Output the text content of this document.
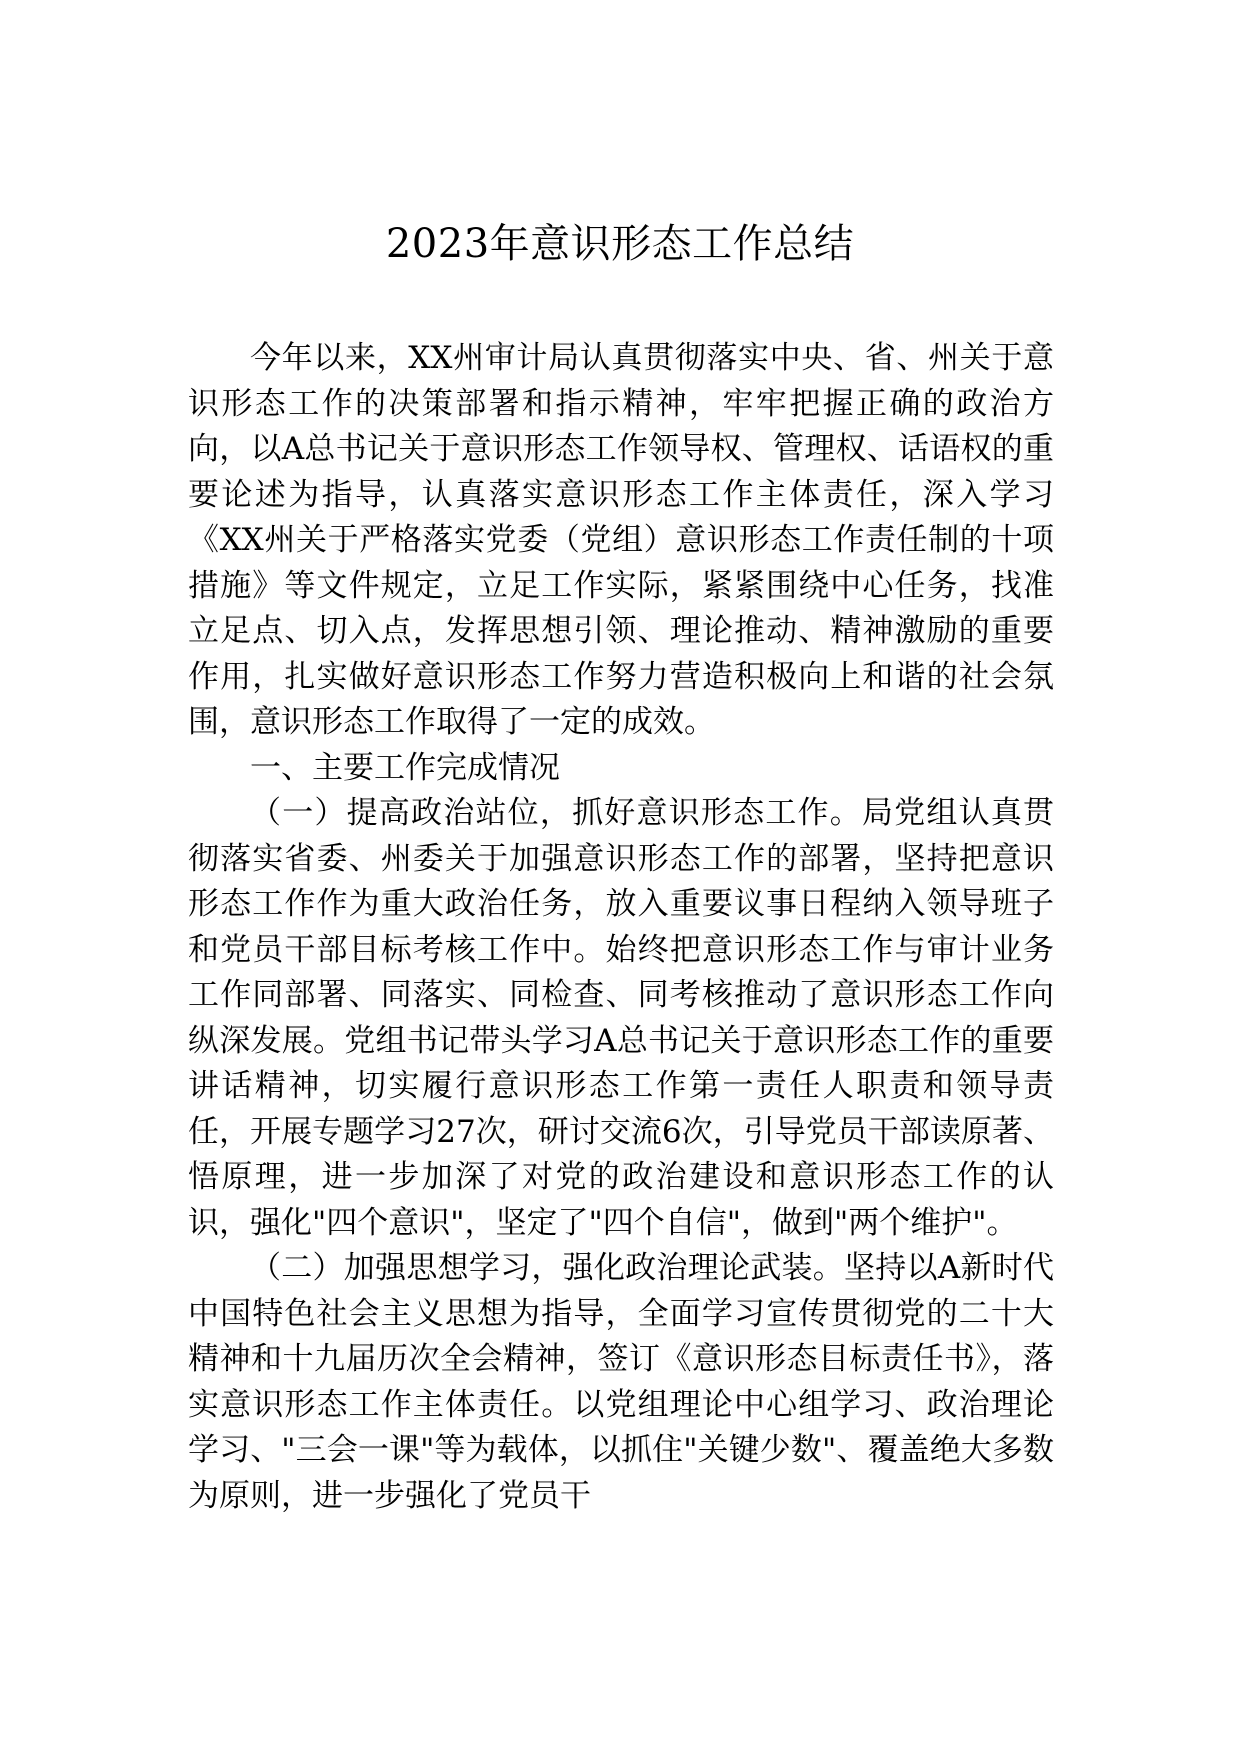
2023年意识形态工作总结

今年以来，XX州审计局认真贯彻落实中央、省、州关于意识形态工作的决策部署和指示精神，牢牢把握正确的政治方向，以A总书记关于意识形态工作领导权、管理权、话语权的重要论述为指导，认真落实意识形态工作主体责任，深入学习《XX州关于严格落实党委（党组）意识形态工作责任制的十项措施》等文件规定，立足工作实际，紧紧围绕中心任务，找准立足点、切入点，发挥思想引领、理论推动、精神激励的重要作用，扎实做好意识形态工作努力营造积极向上和谐的社会氛围，意识形态工作取得了一定的成效。

一、主要工作完成情况

（一）提高政治站位，抓好意识形态工作。局党组认真贯彻落实省委、州委关于加强意识形态工作的部署，坚持把意识形态工作作为重大政治任务，放入重要议事日程纳入领导班子和党员干部目标考核工作中。始终把意识形态工作与审计业务工作同部署、同落实、同检查、同考核推动了意识形态工作向纵深发展。党组书记带头学习A总书记关于意识形态工作的重要讲话精神，切实履行意识形态工作第一责任人职责和领导责任，开展专题学习27次，研讨交流6次，引导党员干部读原著、悟原理，进一步加深了对党的政治建设和意识形态工作的认识，强化"四个意识"，坚定了"四个自信"，做到"两个维护"。

（二）加强思想学习，强化政治理论武装。坚持以A新时代中国特色社会主义思想为指导，全面学习宣传贯彻党的二十大精神和十九届历次全会精神，签订《意识形态目标责任书》，落实意识形态工作主体责任。以党组理论中心组学习、政治理论学习、"三会一课"等为载体，以抓住"关键少数"、覆盖绝大多数为原则，进一步强化了党员干
